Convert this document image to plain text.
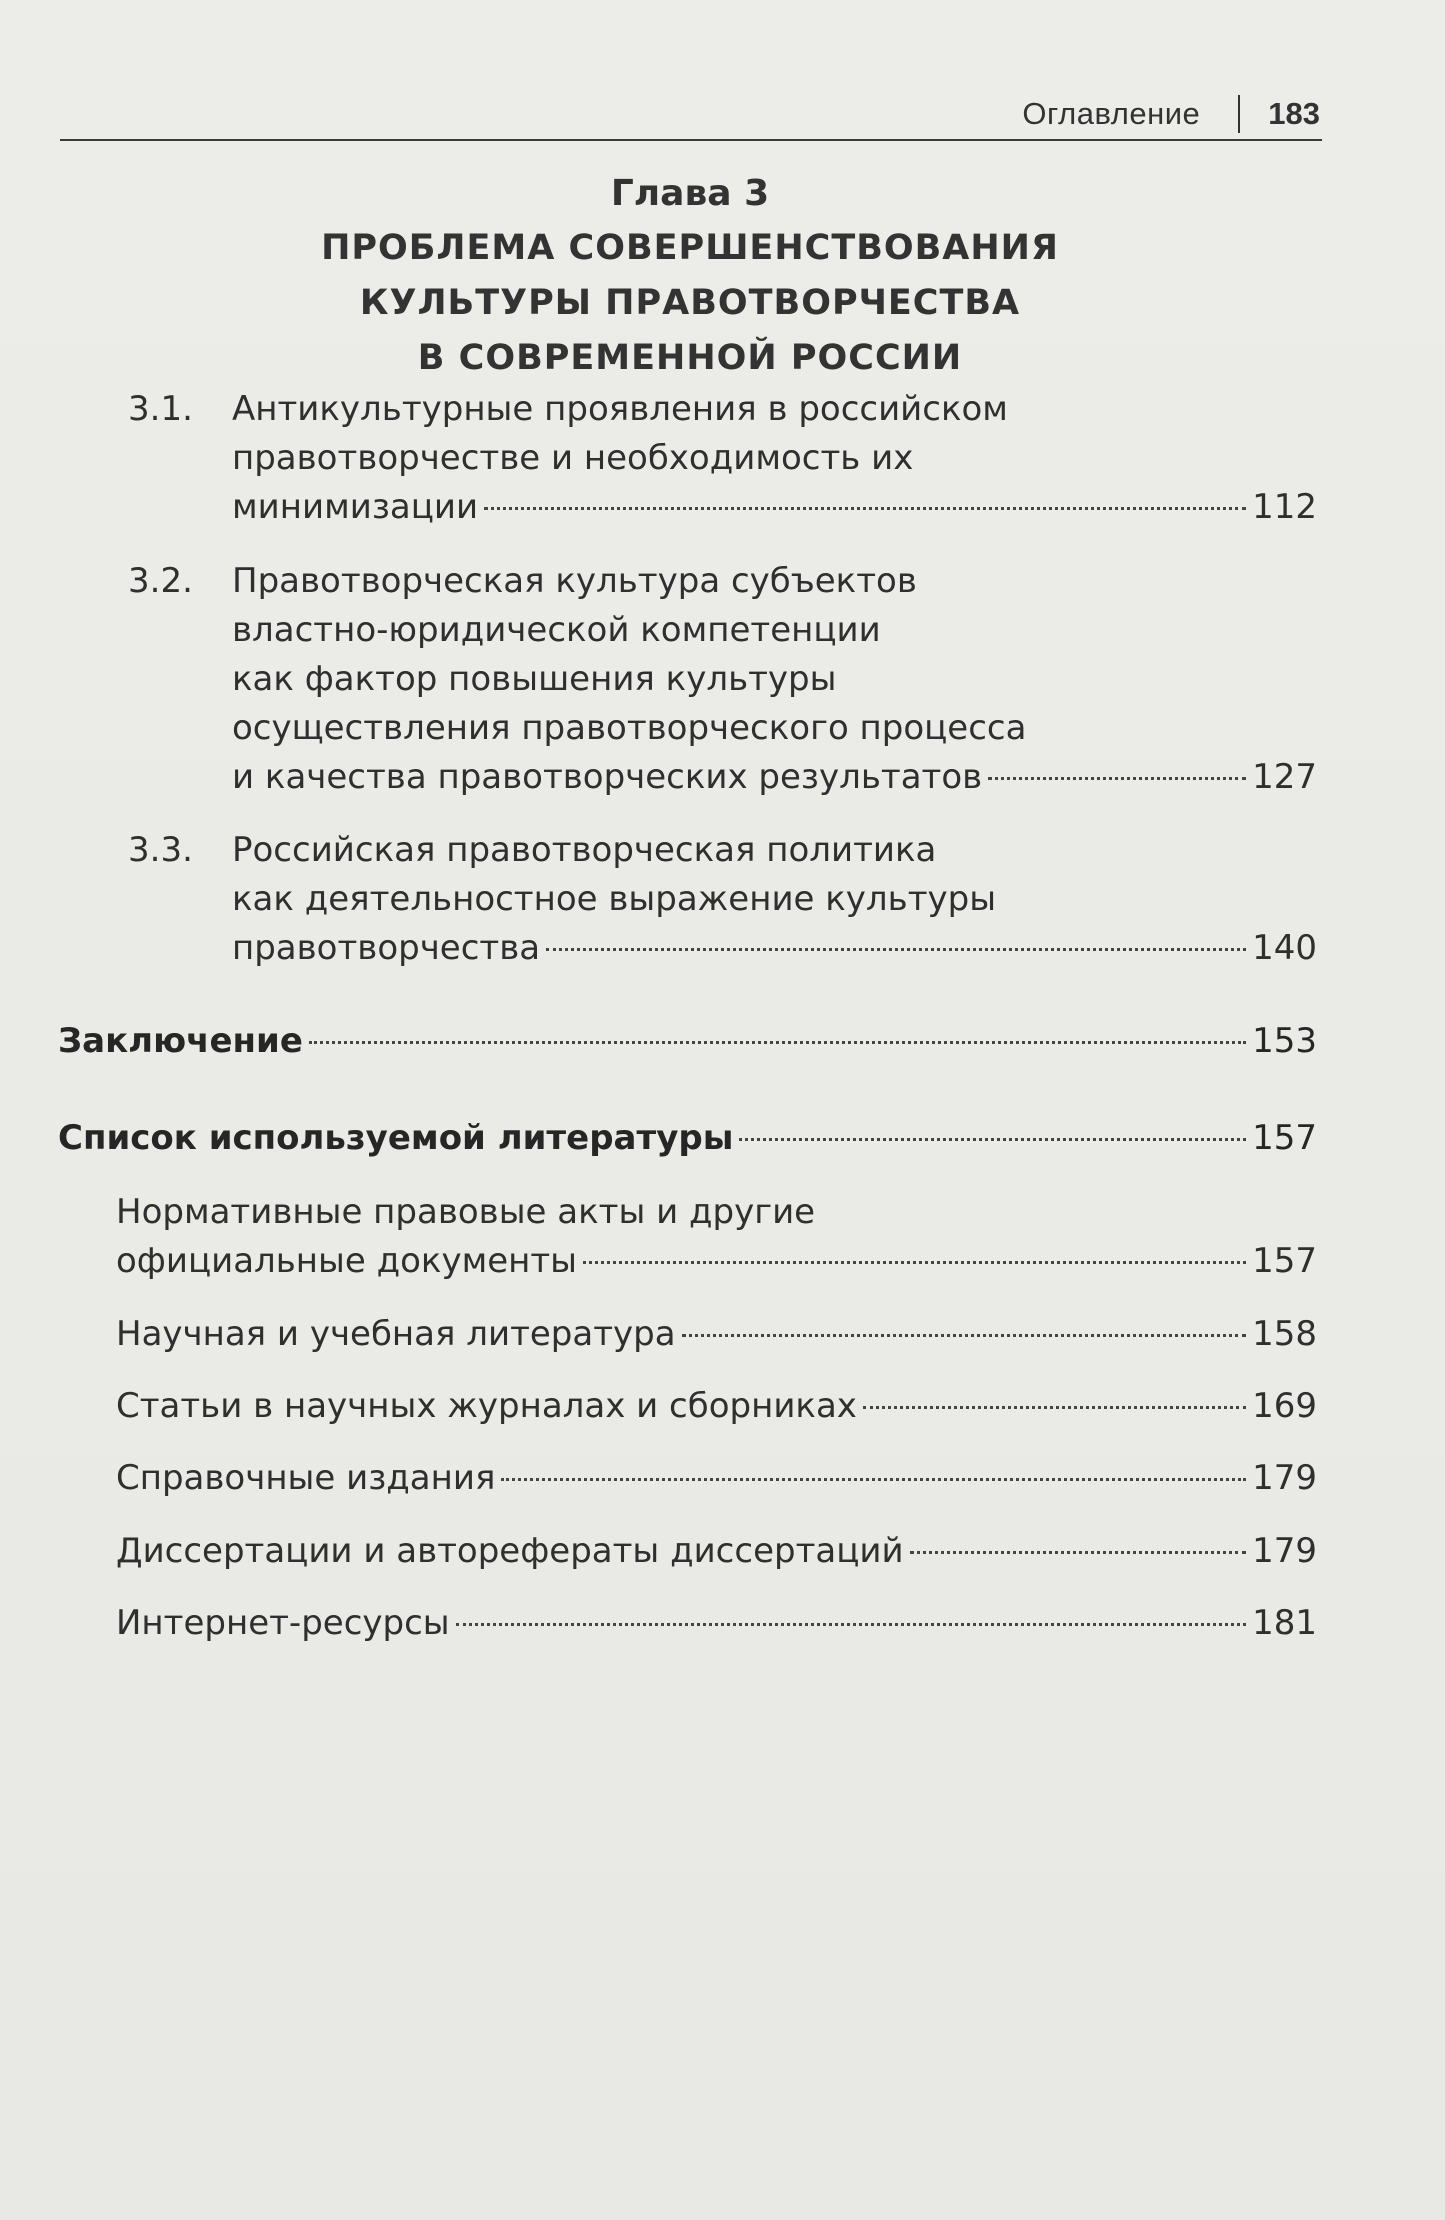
Оглавление 183
Глава 3
ПРОБЛЕМА СОВЕРШЕНСТВОВАНИЯ
КУЛЬТУРЫ ПРАВОТВОРЧЕСТВА
В СОВРЕМЕННОЙ РОССИИ
3.1. Антикультурные проявления в российском
правотворчестве и необходимость их
минимизации	112
3.2. Правотворческая культура субъектов
властно-юридической компетенции
как фактор повышения культуры
осуществления правотворческого процесса
и качества правотворческих результатов	127
3.3. Российская правотворческая политика
как деятельностное выражение культуры
правотворчества	140
Заключение	153
Список используемой литературы	157
Нормативные правовые акты и другие
официальные документы	157
Научная и учебная литература	158
Статьи в научных журналах и сборниках	169
Справочные издания	179
Диссертации и авторефераты диссертаций	179
Интернет-ресурсы	181
